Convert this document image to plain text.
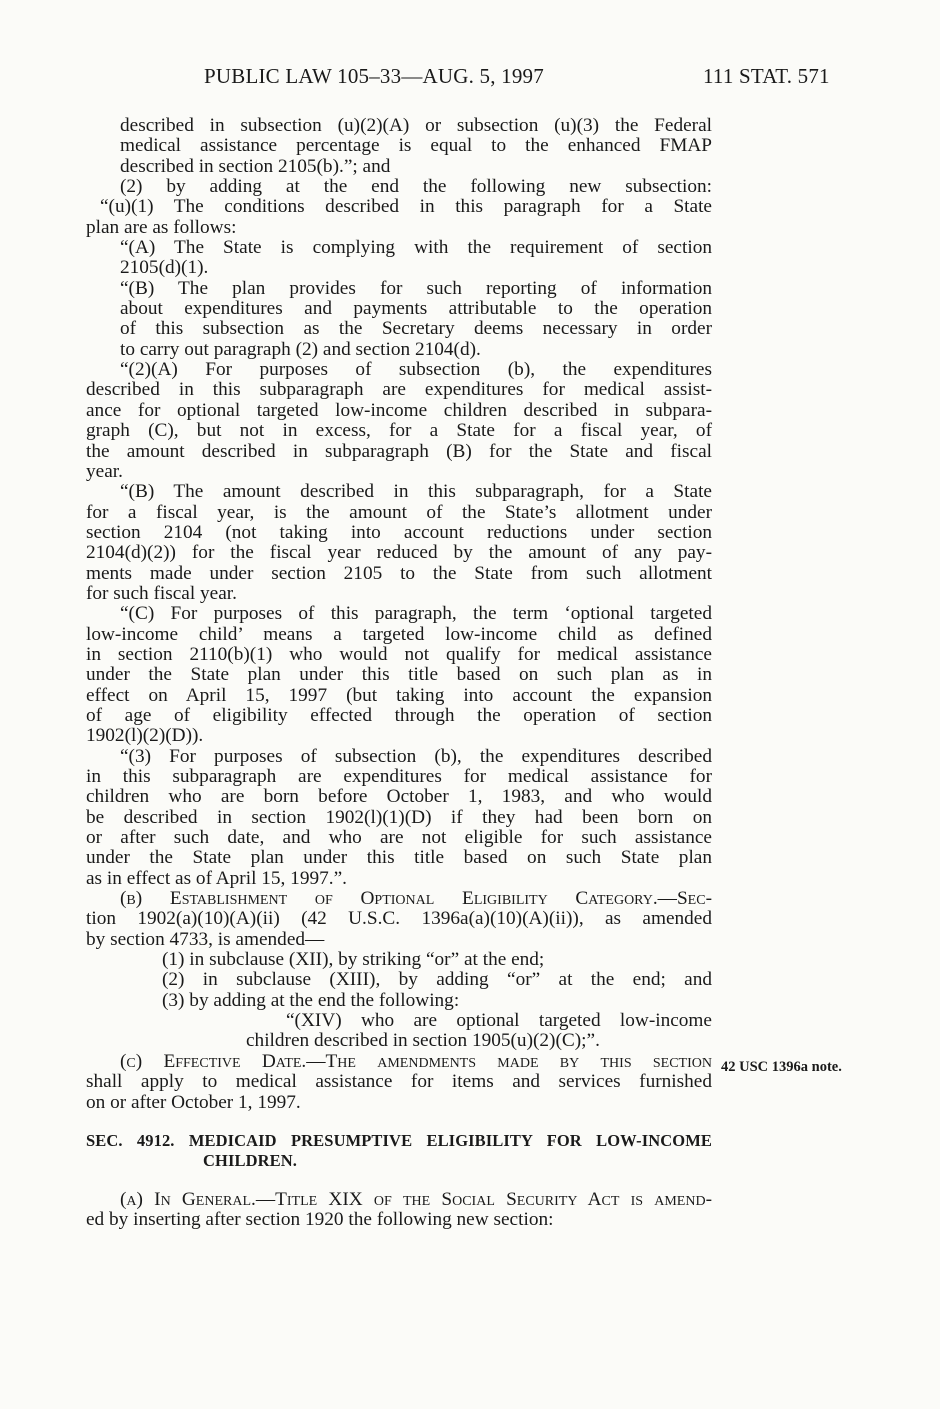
PUBLIC LAW 105–33—AUG. 5, 1997	111 STAT. 571
described in subsection (u)(2)(A) or subsection (u)(3) the Federal
medical assistance percentage is equal to the enhanced FMAP
described in section 2105(b).”; and
(2) by adding at the end the following new subsection:
“(u)(1) The conditions described in this paragraph for a State
plan are as follows:
“(A) The State is complying with the requirement of section
2105(d)(1).
“(B) The plan provides for such reporting of information
about expenditures and payments attributable to the operation
of this subsection as the Secretary deems necessary in order
to carry out paragraph (2) and section 2104(d).
“(2)(A) For purposes of subsection (b), the expenditures
described in this subparagraph are expenditures for medical assist-
ance for optional targeted low-income children described in subpara-
graph (C), but not in excess, for a State for a fiscal year, of
the amount described in subparagraph (B) for the State and fiscal
year.
“(B) The amount described in this subparagraph, for a State
for a fiscal year, is the amount of the State’s allotment under
section 2104 (not taking into account reductions under section
2104(d)(2)) for the fiscal year reduced by the amount of any pay-
ments made under section 2105 to the State from such allotment
for such fiscal year.
“(C) For purposes of this paragraph, the term ‘optional targeted
low-income child’ means a targeted low-income child as defined
in section 2110(b)(1) who would not qualify for medical assistance
under the State plan under this title based on such plan as in
effect on April 15, 1997 (but taking into account the expansion
of age of eligibility effected through the operation of section
1902(l)(2)(D)).
“(3) For purposes of subsection (b), the expenditures described
in this subparagraph are expenditures for medical assistance for
children who are born before October 1, 1983, and who would
be described in section 1902(l)(1)(D) if they had been born on
or after such date, and who are not eligible for such assistance
under the State plan under this title based on such State plan
as in effect as of April 15, 1997.”.
(b) Establishment of Optional Eligibility Category.—Sec-
tion 1902(a)(10)(A)(ii) (42 U.S.C. 1396a(a)(10)(A)(ii)), as amended
by section 4733, is amended—
(1) in subclause (XII), by striking “or” at the end;
(2) in subclause (XIII), by adding “or” at the end; and
(3) by adding at the end the following:
“(XIV) who are optional targeted low-income
children described in section 1905(u)(2)(C);”.
(c) Effective Date.—The amendments made by this section
shall apply to medical assistance for items and services furnished
on or after October 1, 1997.
SEC. 4912. MEDICAID PRESUMPTIVE ELIGIBILITY FOR LOW-INCOME
CHILDREN.
(a) In General.—Title XIX of the Social Security Act is amend-
ed by inserting after section 1920 the following new section:
42 USC 1396a note.
